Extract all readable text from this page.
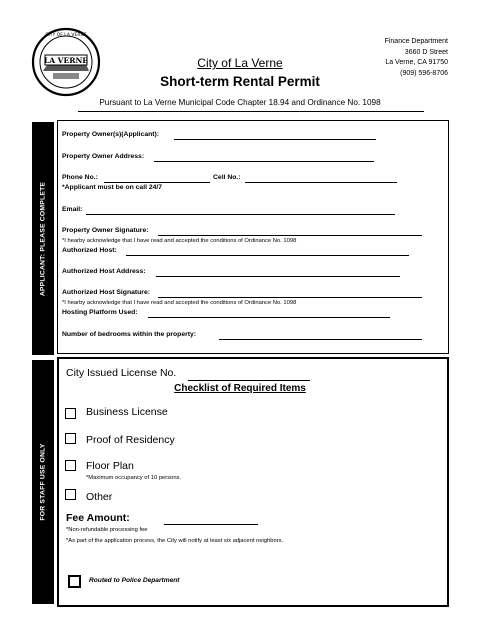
LA VERNE
CITY OF LA VERNE
City of La Verne
Short-term Rental Permit
Finance Department
3660 D Street
La Verne, CA 91750
(909) 596-8706
Pursuant to La Verne Municipal Code Chapter 18.94 and Ordinance No. 1098
APPLICANT: PLEASE COMPLETE
Property Owner(s)(Applicant):
Property Owner Address:
Phone No.:	Cell No.:
*Applicant must be on call 24/7
Email:
Property Owner Signature:
*I hearby acknowledge that I have read and accepted the conditions of Ordinance No. 1098
Authorized Host:
Authorized Host Address:
Authorized Host Signature:
*I hearby acknowledge that I have read and accepted the conditions of Ordinance No. 1098
Hosting Platform Used:
Number of bedrooms within the property:
FOR STAFF USE ONLY
City Issued License No.
Checklist of Required Items
Business License
Proof of Residency
Floor Plan
*Maximum occupancy of 10 persons.
Other
Fee Amount:
*Non-refundable processing fee
*As part of the application process, the City will notify at least six adjacent neighbors.
Routed to Police Department
